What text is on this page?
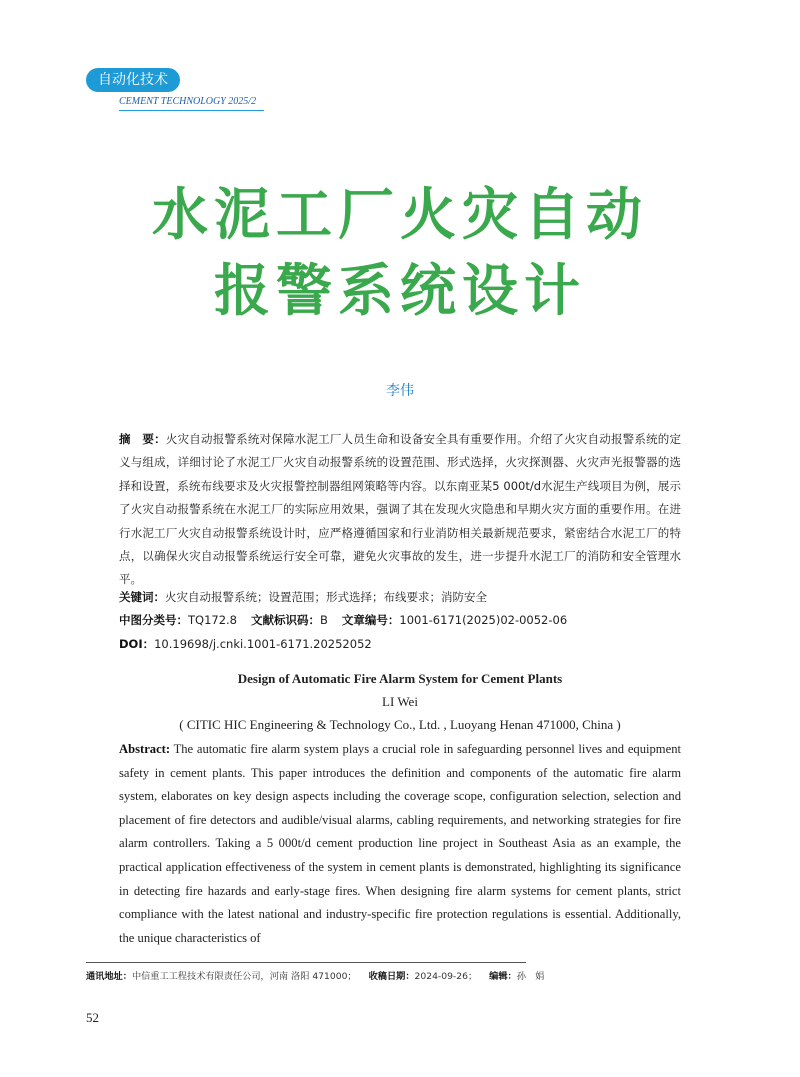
自动化技术
CEMENT TECHNOLOGY 2025/2
水泥工厂火灾自动
报警系统设计
李伟
摘　要：火灾自动报警系统对保障水泥工厂人员生命和设备安全具有重要作用。介绍了火灾自动报警系统的定义与组成，详细讨论了水泥工厂火灾自动报警系统的设置范围、形式选择，火灾探测器、火灾声光报警器的选择和设置，系统布线要求及火灾报警控制器组网策略等内容。以东南亚某5 000t/d水泥生产线项目为例，展示了火灾自动报警系统在水泥工厂的实际应用效果，强调了其在发现火灾隐患和早期火灾方面的重要作用。在进行水泥工厂火灾自动报警系统设计时，应严格遵循国家和行业消防相关最新规范要求，紧密结合水泥工厂的特点，以确保火灾自动报警系统运行安全可靠，避免火灾事故的发生，进一步提升水泥工厂的消防和安全管理水平。
关键词：火灾自动报警系统；设置范围；形式选择；布线要求；消防安全
中图分类号：TQ172.8 文献标识码：B 文章编号：1001-6171(2025)02-0052-06
DOI：10.19698/j.cnki.1001-6171.20252052
Design of Automatic Fire Alarm System for Cement Plants
LI Wei
( CITIC HIC Engineering & Technology Co., Ltd. , Luoyang Henan 471000, China )
Abstract: The automatic fire alarm system plays a crucial role in safeguarding personnel lives and equipment safety in cement plants. This paper introduces the definition and components of the automatic fire alarm system, elaborates on key design aspects including the coverage scope, configuration selection, selection and placement of fire detectors and audible/visual alarms, cabling requirements, and networking strategies for fire alarm controllers. Taking a 5 000t/d cement production line project in Southeast Asia as an example, the practical application effectiveness of the system in cement plants is demonstrated, highlighting its significance in detecting fire hazards and early-stage fires. When designing fire alarm systems for cement plants, strict compliance with the latest national and industry-specific fire protection regulations is essential. Additionally, the unique characteristics of
通讯地址：中信重工工程技术有限责任公司，河南 洛阳 471000； 收稿日期：2024-09-26； 编辑：孙　娟
52
